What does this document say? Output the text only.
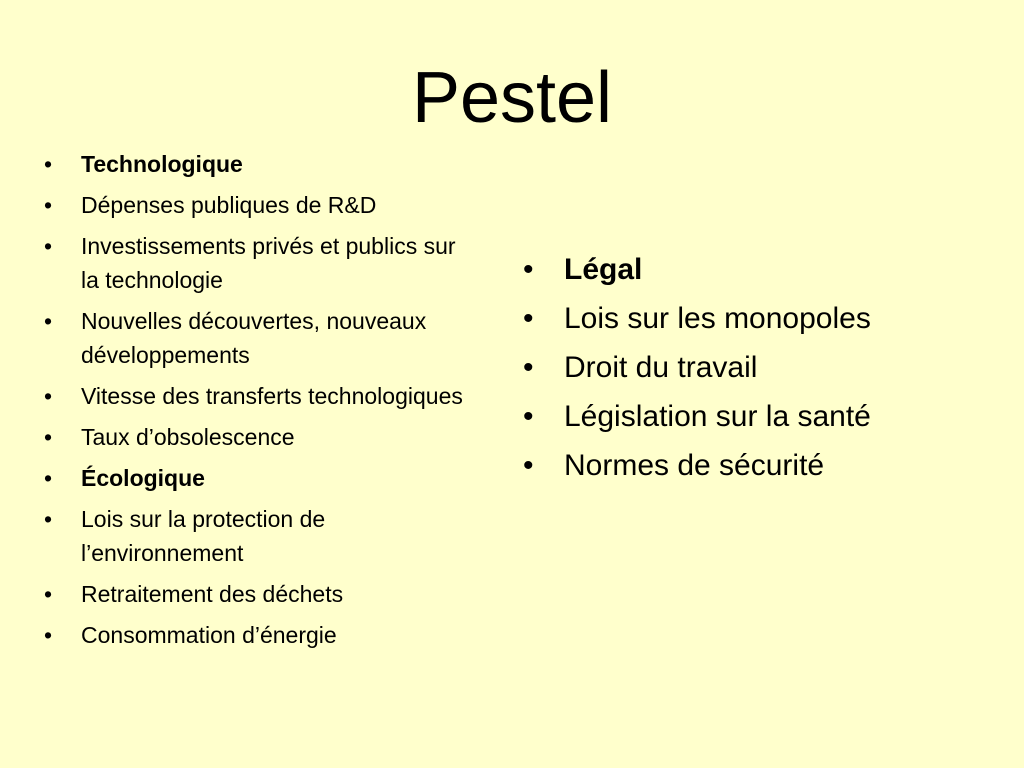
Pestel
• Technologique
• Dépenses publiques de R&D
• Investissements privés et publics sur la technologie
• Nouvelles découvertes, nouveaux développements
• Vitesse des transferts technologiques
• Taux d’obsolescence
• Écologique
• Lois sur la protection de l’environnement
• Retraitement des déchets
• Consommation d’énergie
• Légal
• Lois sur les monopoles
• Droit du travail
• Législation sur la santé
• Normes de sécurité
